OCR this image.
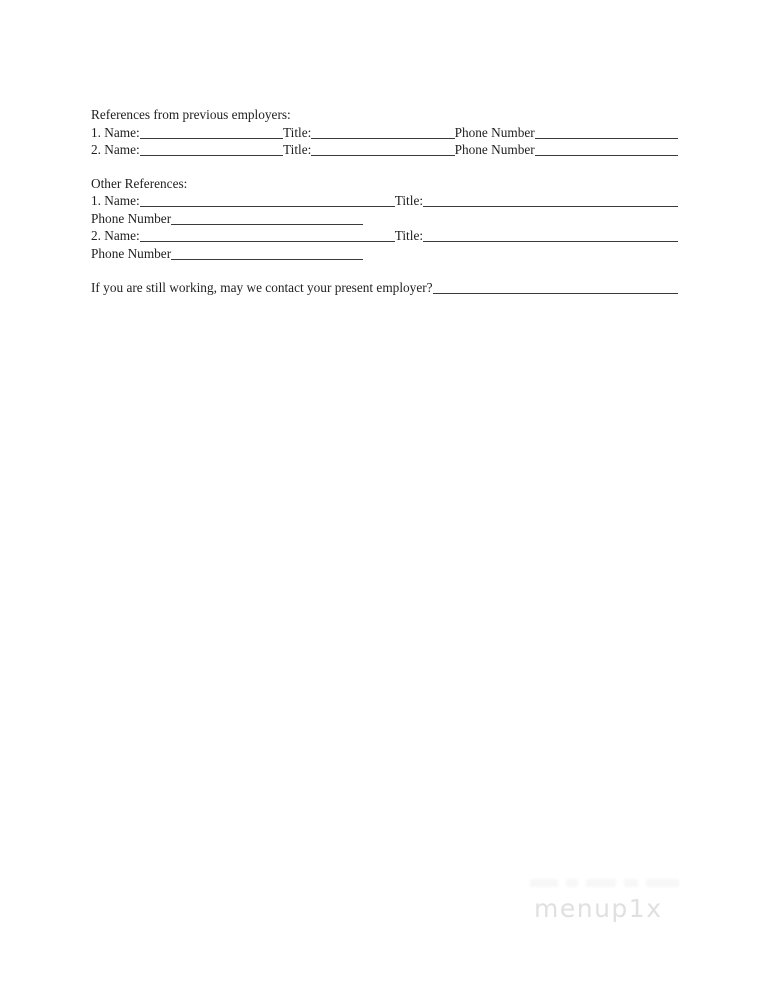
References from previous employers:
1. Name:	Title:	Phone Number
2. Name:	Title:	Phone Number
Other References:
1. Name:	Title:
Phone Number
2. Name:	Title:
Phone Number
If you are still working, may we contact your present employer?
menup1x
